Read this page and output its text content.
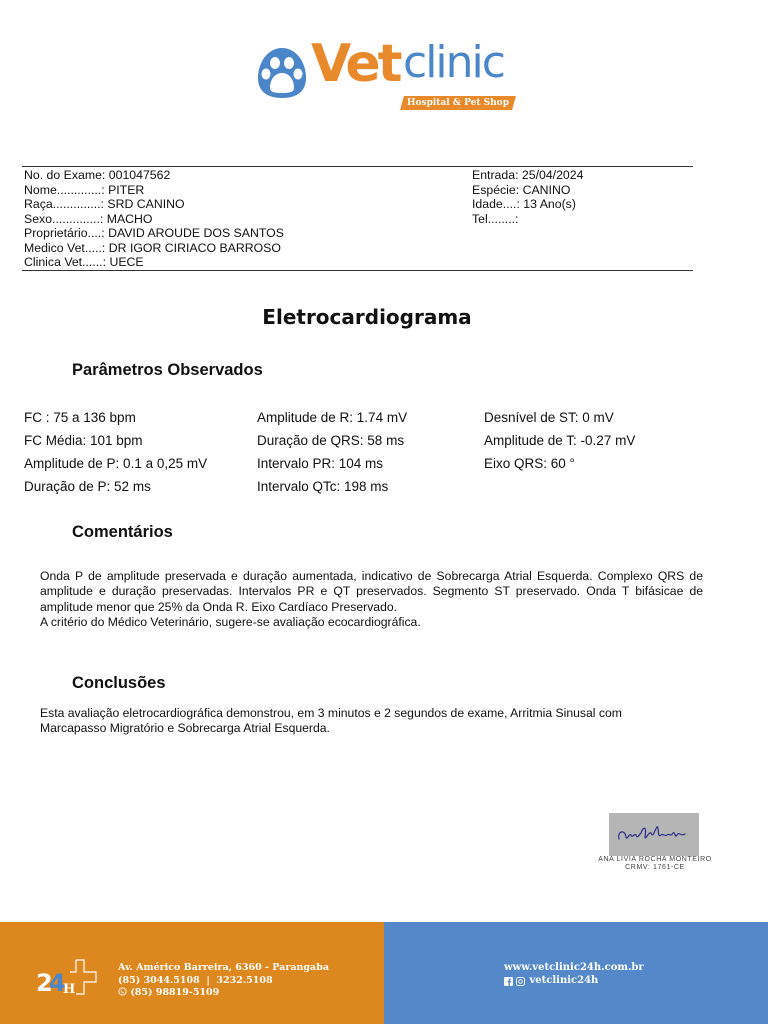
Vet clinic
Hospital & Pet Shop
No. do Exame: 001047562
Nome.............: PITER
Raça..............: SRD CANINO
Sexo..............: MACHO
Proprietário....: DAVID AROUDE DOS SANTOS
Medico Vet.....: DR IGOR CIRIACO BARROSO
Clinica Vet......: UECE
Entrada: 25/04/2024
Espécie: CANINO
Idade....: 13 Ano(s)
Tel........:
Eletrocardiograma
Parâmetros Observados
FC : 75 a 136 bpm
FC Média: 101 bpm
Amplitude de P: 0.1 a 0,25 mV
Duração de P: 52 ms
Amplitude de R: 1.74 mV
Duração de QRS: 58 ms
Intervalo PR: 104 ms
Intervalo QTc: 198 ms
Desnível de ST: 0 mV
Amplitude de T: -0.27 mV
Eixo QRS: 60 °
Comentários

Onda P de amplitude preservada e duração aumentada, indicativo de Sobrecarga Atrial Esquerda. Complexo QRS de amplitude e duração preservadas. Intervalos PR e QT preservados. Segmento ST preservado. Onda T bifásicae de amplitude menor que 25% da Onda R. Eixo Cardíaco Preservado.

A critério do Médico Veterinário, sugere-se avaliação ecocardiográfica.

Conclusões

Esta avaliação eletrocardiográfica demonstrou, em 3 minutos e 2 segundos de exame, Arritmia Sinusal com Marcapasso Migratório e Sobrecarga Atrial Esquerda.

ANA LIVIA ROCHA MONTEIRO
CRMV: 1761-CE
2
4
H
Av. Américo Barreira, 6360 - Parangaba
(85) 3044.5108  |  3232.5108
(85) 98819-5109
www.vetclinic24h.com.br
vetclinic24h
